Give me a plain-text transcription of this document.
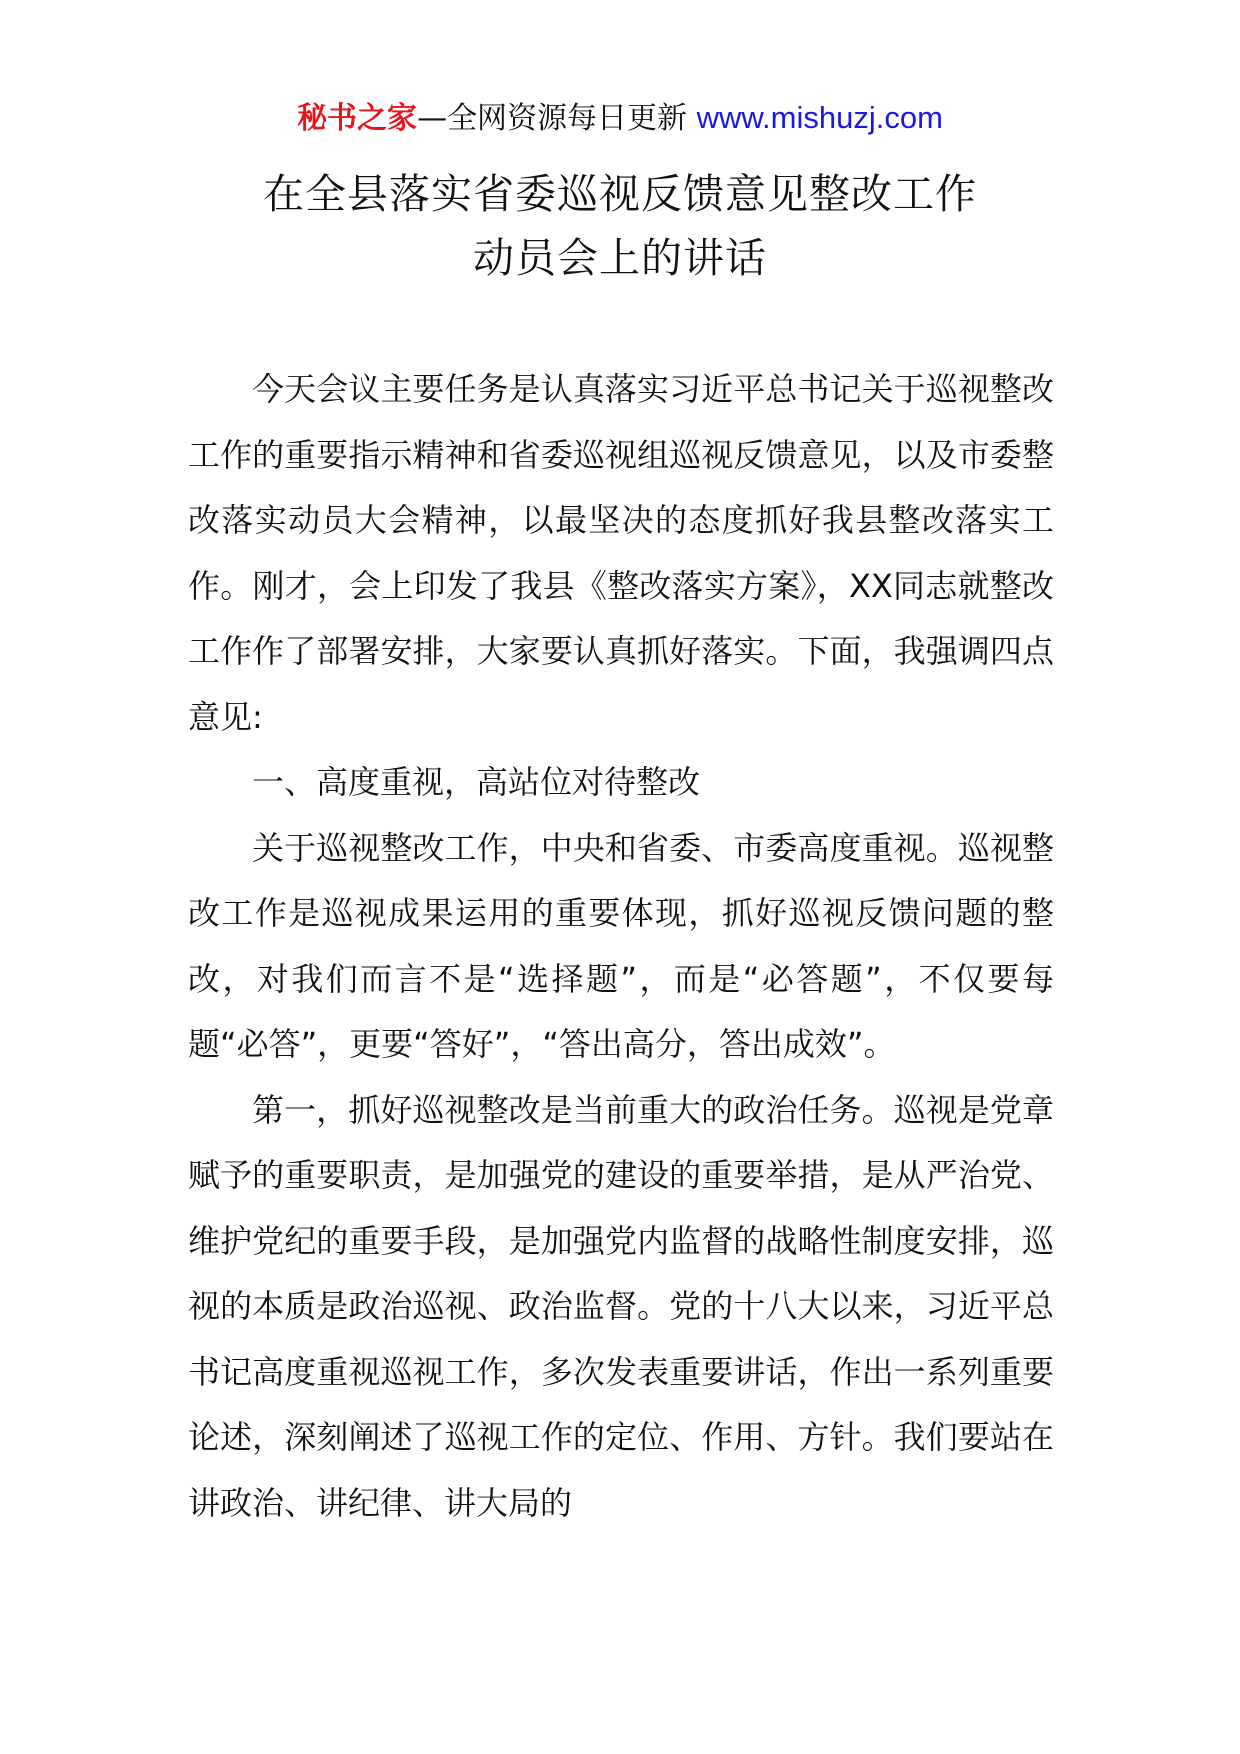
秘书之家—全网资源每日更新 www.mishuzj.com
在全县落实省委巡视反馈意见整改工作
动员会上的讲话

今天会议主要任务是认真落实习近平总书记关于巡视整改工作的重要指示精神和省委巡视组巡视反馈意见，以及市委整改落实动员大会精神，以最坚决的态度抓好我县整改落实工作。刚才，会上印发了我县《整改落实方案》，XX同志就整改工作作了部署安排，大家要认真抓好落实。下面，我强调四点意见:

一、高度重视，高站位对待整改

关于巡视整改工作，中央和省委、市委高度重视。巡视整改工作是巡视成果运用的重要体现，抓好巡视反馈问题的整改，对我们而言不是“选择题”，而是“必答题”，不仅要每题“必答”，更要“答好”，“答出高分，答出成效”。

第一，抓好巡视整改是当前重大的政治任务。巡视是党章赋予的重要职责，是加强党的建设的重要举措，是从严治党、维护党纪的重要手段，是加强党内监督的战略性制度安排，巡视的本质是政治巡视、政治监督。党的十八大以来，习近平总书记高度重视巡视工作，多次发表重要讲话，作出一系列重要论述，深刻阐述了巡视工作的定位、作用、方针。我们要站在讲政治、讲纪律、讲大局的
